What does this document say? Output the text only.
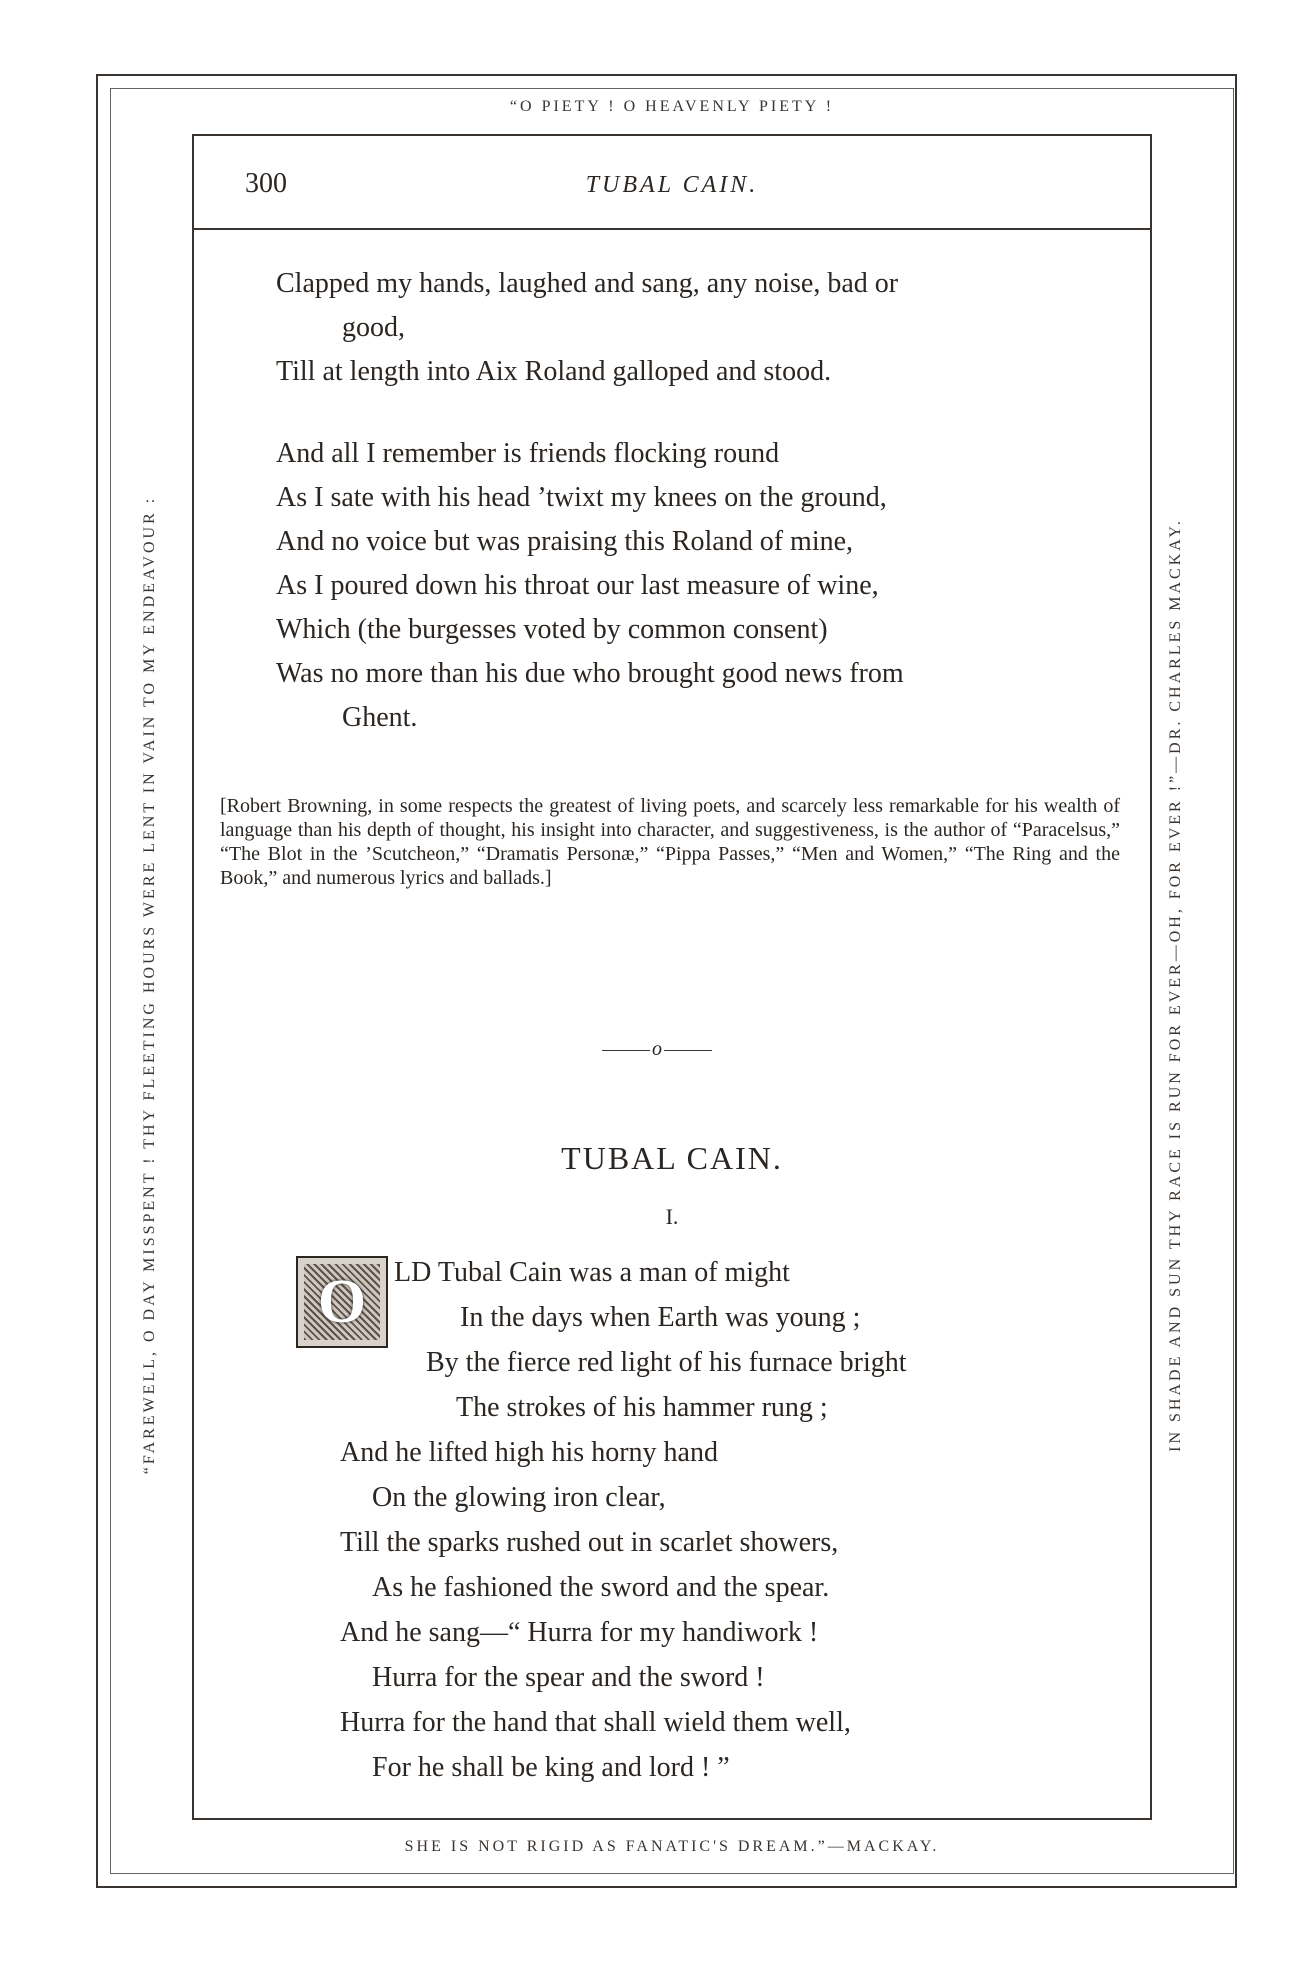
“O PIETY ! O HEAVENLY PIETY !
SHE IS NOT RIGID AS FANATIC'S DREAM.”—MACKAY.
“FAREWELL, O DAY MISSPENT ! THY FLEETING HOURS WERE LENT IN VAIN TO MY ENDEAVOUR :	IN SHADE AND SUN THY RACE IS RUN FOR EVER—OH, FOR EVER !”—DR. CHARLES MACKAY.
300	TUBAL CAIN.
Clapped my hands, laughed and sang, any noise, bad or
good,
Till at length into Aix Roland galloped and stood.
And all I remember is friends flocking round
As I sate with his head ’twixt my knees on the ground,
And no voice but was praising this Roland of mine,
As I poured down his throat our last measure of wine,
Which (the burgesses voted by common consent)
Was no more than his due who brought good news from
Ghent.
[Robert Browning, in some respects the greatest of living poets, and scarcely less remarkable for his wealth of language than his depth of thought, his insight into character, and suggestiveness, is the author of “Paracelsus,” “The Blot in the ’Scutcheon,” “Dramatis Personæ,” “Pippa Passes,” “Men and Women,” “The Ring and the Book,” and numerous lyrics and ballads.]
o
TUBAL CAIN.
I.
O LD Tubal Cain was a man of might
In the days when Earth was young ;
By the fierce red light of his furnace bright
The strokes of his hammer rung ;
And he lifted high his horny hand
On the glowing iron clear,
Till the sparks rushed out in scarlet showers,
As he fashioned the sword and the spear.
And he sang—“ Hurra for my handiwork !
Hurra for the spear and the sword !
Hurra for the hand that shall wield them well,
For he shall be king and lord ! ”
